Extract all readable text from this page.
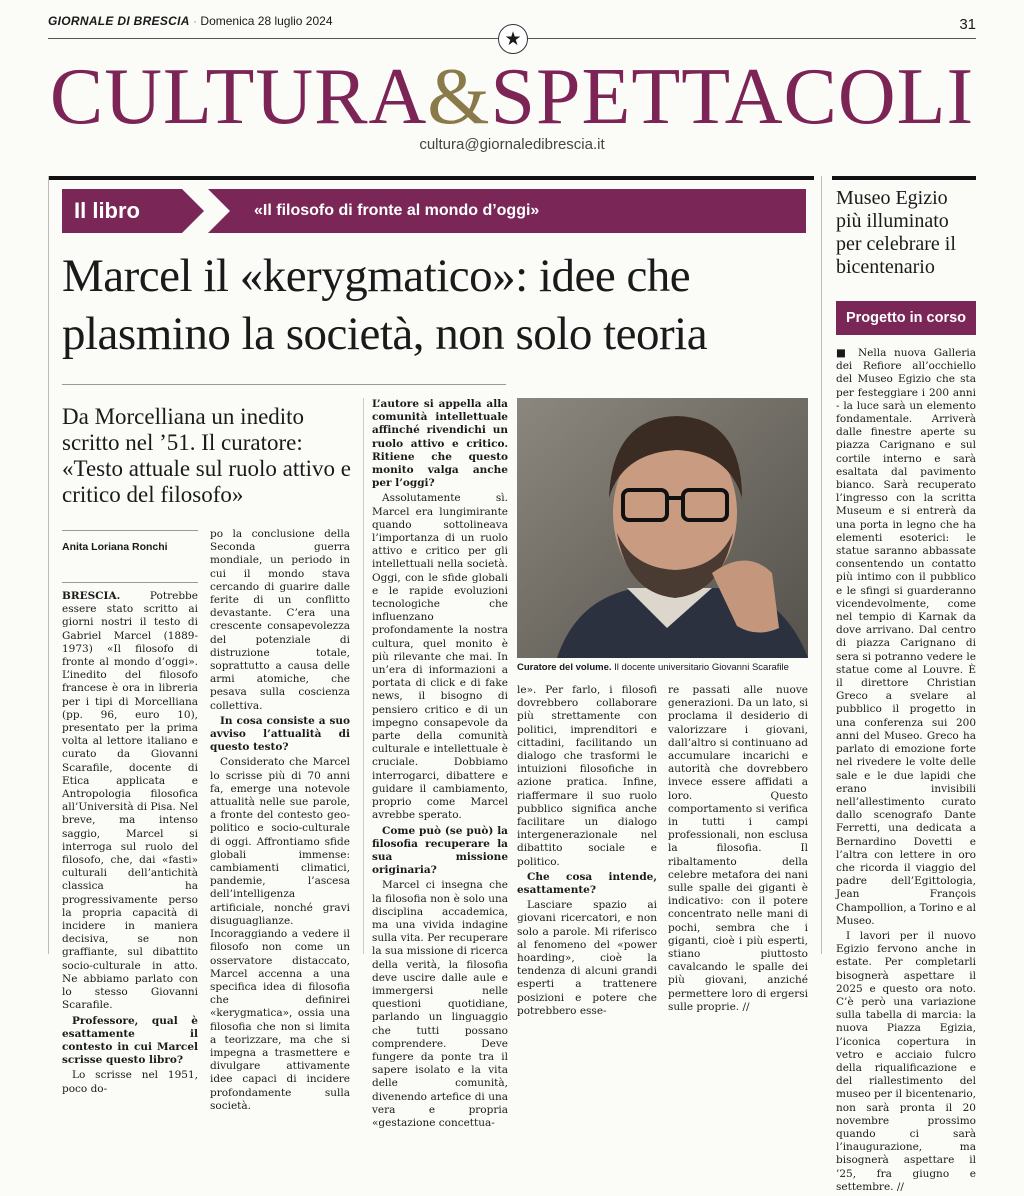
GIORNALE DI BRESCIA · Domenica 28 luglio 2024
★
31
CULTURA&SPETTACOLI
cultura@giornaledibrescia.it
Il libro	«Il filosofo di fronte al mondo d’oggi»
Marcel il «kerygmatico»: idee che
plasmino la società, non solo teoria
Da Morcelliana un inedito scritto nel ’51. Il curatore: «Testo attuale sul ruolo attivo e critico del filosofo»
Anita Loriana Ronchi

BRESCIA.	Potrebbe essere stato scritto ai giorni nostri il testo di Gabriel Marcel (1889-1973) «Il filosofo di fronte al mondo d’oggi». L’inedito del filosofo francese è ora in libreria per i tipi di Morcelliana (pp. 96, euro 10), presentato per la prima volta al lettore italiano e curato da Giovanni Scarafile, docente di Etica applicata e Antropologia filosofica all’Università di Pisa. Nel breve, ma intenso saggio, Marcel si interroga sul ruolo del filosofo, che, dai «fasti» culturali dell’antichità classica ha progressivamente perso la propria capacità di incidere in maniera decisiva, se non graffiante, sul dibattito socio-culturale in atto. Ne abbiamo parlato con lo stesso Giovanni Scarafile.

Professore, qual è esattamente il contesto in cui Marcel scrisse questo libro?

Lo scrisse nel 1951, poco do-

po la conclusione della Seconda guerra mondiale, un periodo in cui il mondo stava cercando di guarire dalle ferite di un conflitto devastante. C’era una crescente consapevolezza del potenziale di distruzione totale, soprattutto a causa delle armi atomiche, che pesava sulla coscienza collettiva.

In cosa consiste a suo avviso l’attualità di questo testo?

Considerato che Marcel lo scrisse più di 70 anni fa, emerge una notevole attualità nelle sue parole, a fronte del contesto geo-politico e socio-culturale di oggi. Affrontiamo sfide globali immense: cambiamenti climatici, pandemie, l’ascesa dell’intelligenza artificiale, nonché gravi disuguaglianze. Incoraggiando a vedere il filosofo non come un osservatore distaccato, Marcel accenna a una specifica idea di filosofia che definirei «kerygmatica», ossia una filosofia che non si limita a teorizzare, ma che si impegna a trasmettere e divulgare attivamente idee capaci di incidere profondamente sulla società.

L’autore si appella alla comunità intellettuale affinché rivendichi un ruolo attivo e critico. Ritiene che questo monito valga anche per l’oggi?

Assolutamente sì. Marcel era lungimirante quando sottolineava l’importanza di un ruolo attivo e critico per gli intellettuali nella società. Oggi, con le sfide globali e le rapide evoluzioni tecnologiche che influenzano profondamente la nostra cultura, quel monito è più rilevante che mai. In un’era di informazioni a portata di click e di fake news, il bisogno di pensiero critico e di un impegno consapevole da parte della comunità culturale e intellettuale è cruciale. Dobbiamo interrogarci, dibattere e guidare il cambiamento, proprio come Marcel avrebbe sperato.

Come può (se può) la filosofia recuperare la sua missione originaria?

Marcel ci insegna che la filosofia non è solo una disciplina accademica, ma una vivida indagine sulla vita. Per recuperare la sua missione di ricerca della verità, la filosofia deve uscire dalle aule e immergersi nelle questioni quotidiane, parlando un linguaggio che tutti possano comprendere. Deve fungere da ponte tra il sapere isolato e la vita delle comunità, divenendo artefice di una vera e propria «gestazione concettua-

Curatore del volume. Il docente universitario Giovanni Scarafile

le». Per farlo, i filosofi dovrebbero collaborare più strettamente con politici, imprenditori e cittadini, facilitando un dialogo che trasformi le intuizioni filosofiche in azione pratica. Infine, riaffermare il suo ruolo pubblico significa anche facilitare un dialogo intergenerazionale nel dibattito sociale e politico.

Che cosa intende, esattamente?

Lasciare spazio ai giovani ricercatori, e non solo a parole. Mi riferisco al fenomeno del «power hoarding», cioè la tendenza di alcuni grandi esperti a trattenere posizioni e potere che potrebbero esse-

re passati alle nuove generazioni. Da un lato, si proclama il desiderio di valorizzare i giovani, dall’altro si continuano ad accumulare incarichi e autorità che dovrebbero invece essere affidati a loro. Questo comportamento si verifica in tutti i campi professionali, non esclusa la filosofia. Il ribaltamento della celebre metafora dei nani sulle spalle dei giganti è indicativo: con il potere concentrato nelle mani di pochi, sembra che i giganti, cioè i più esperti, stiano piuttosto cavalcando le spalle dei più giovani, anziché permettere loro di ergersi sulle proprie. //

Museo Egizio più illuminato per celebrare il bicentenario
Progetto in corso

■ Nella nuova Galleria dei Refiore all’occhiello del Museo Egizio che sta per festeggiare i 200 anni - la luce sarà un elemento fondamentale. Arriverà dalle finestre aperte su piazza Carignano e sul cortile interno e sarà esaltata dal pavimento bianco. Sarà recuperato l’ingresso con la scritta Museum e si entrerà da una porta in legno che ha elementi esoterici: le statue saranno abbassate consentendo un contatto più intimo con il pubblico e le sfingi si guarderanno vicendevolmente, come nel tempio di Karnak da dove arrivano. Dal centro di piazza Carignano di sera si potranno vedere le statue come al Louvre. È il direttore Christian Greco a svelare al pubblico il progetto in una conferenza sui 200 anni del Museo. Greco ha parlato di emozione forte nel rivedere le volte delle sale e le due lapidi che erano invisibili nell’allestimento curato dallo scenografo Dante Ferretti, una dedicata a Bernardino Dovetti e l’altra con lettere in oro che ricorda il viaggio del padre dell’Egittologia, Jean François Champollion, a Torino e al Museo.

I lavori per il nuovo Egizio fervono anche in estate. Per completarli bisognerà aspettare il 2025 e questo ora noto. C’è però una variazione sulla tabella di marcia: la nuova Piazza Egizia, l’iconica copertura in vetro e acciaio fulcro della riqualificazione e del riallestimento del museo per il bicentenario, non sarà pronta il 20 novembre prossimo quando ci sarà l’inaugurazione, ma bisognerà aspettare il ’25, fra giugno e settembre. //
